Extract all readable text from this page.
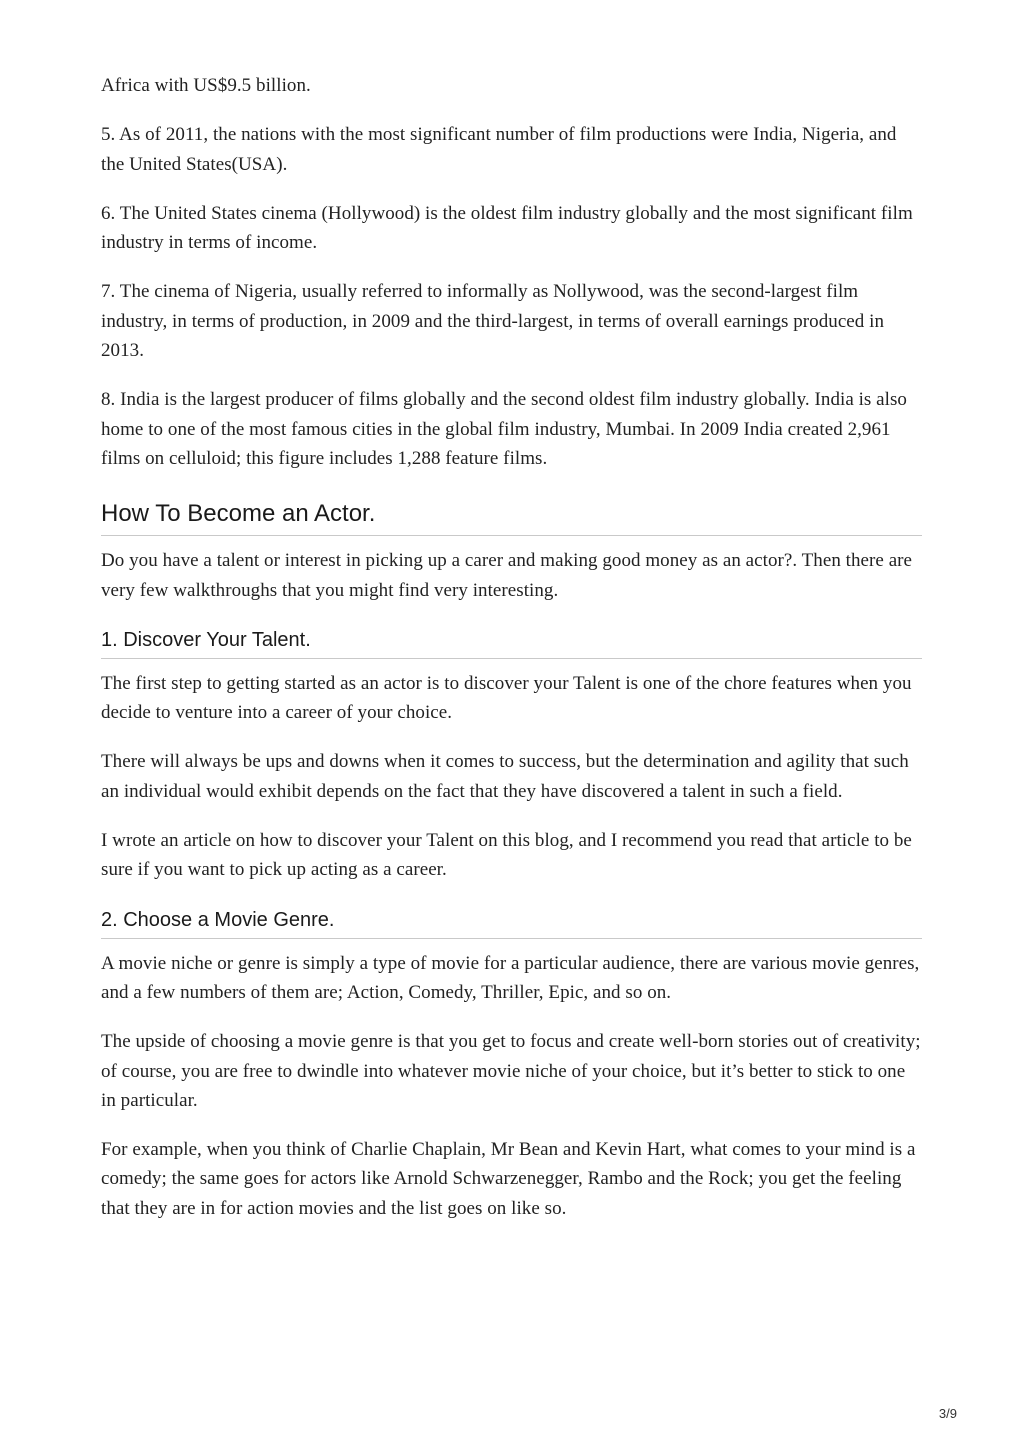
Africa with US$9.5 billion.

5. As of 2011, the nations with the most significant number of film productions were India, Nigeria, and the United States(USA).

6. The United States cinema (Hollywood) is the oldest film industry globally and the most significant film industry in terms of income.

7. The cinema of Nigeria, usually referred to informally as Nollywood, was the second-largest film industry, in terms of production, in 2009 and the third-largest, in terms of overall earnings produced in 2013.

8. India is the largest producer of films globally and the second oldest film industry globally. India is also home to one of the most famous cities in the global film industry, Mumbai. In 2009 India created 2,961 films on celluloid; this figure includes 1,288 feature films.

How To Become an Actor.

Do you have a talent or interest in picking up a carer and making good money as an actor?. Then there are very few walkthroughs that you might find very interesting.

1. Discover Your Talent.

The first step to getting started as an actor is to discover your Talent is one of the chore features when you decide to venture into a career of your choice.

There will always be ups and downs when it comes to success, but the determination and agility that such an individual would exhibit depends on the fact that they have discovered a talent in such a field.

I wrote an article on how to discover your Talent on this blog, and I recommend you read that article to be sure if you want to pick up acting as a career.

2. Choose a Movie Genre.

A movie niche or genre is simply a type of movie for a particular audience, there are various movie genres, and a few numbers of them are; Action, Comedy, Thriller, Epic, and so on.

The upside of choosing a movie genre is that you get to focus and create well-born stories out of creativity; of course, you are free to dwindle into whatever movie niche of your choice, but it’s better to stick to one in particular.

For example, when you think of Charlie Chaplain, Mr Bean and Kevin Hart, what comes to your mind is a comedy; the same goes for actors like Arnold Schwarzenegger, Rambo and the Rock; you get the feeling that they are in for action movies and the list goes on like so.

3/9
